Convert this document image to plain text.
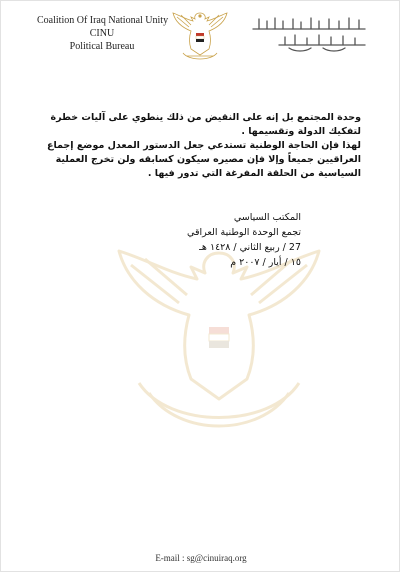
Coalition Of Iraq National Unity
CINU
Political Bureau

وحدة المجتمع بل إنه على النقيض من ذلك ينطوي على آليات خطرة لتفكيك الدولة وتقسيمها .

لهذا فإن الحاجة الوطنية تستدعي جعل الدستور المعدل موضع إجماع العراقيين جميعاً وإلا فإن مصيره سيكون كسابقه ولن تخرج العملية السياسية من الحلقة المفرغة التي تدور فيها .

المكتب السياسي
تجمع الوحدة الوطنية العراقي
27 / ربيع الثاني / ١٤٢٨ هـ
١٥ / أيار / ٢٠٠٧ م
E-mail : sg@cinuiraq.org
